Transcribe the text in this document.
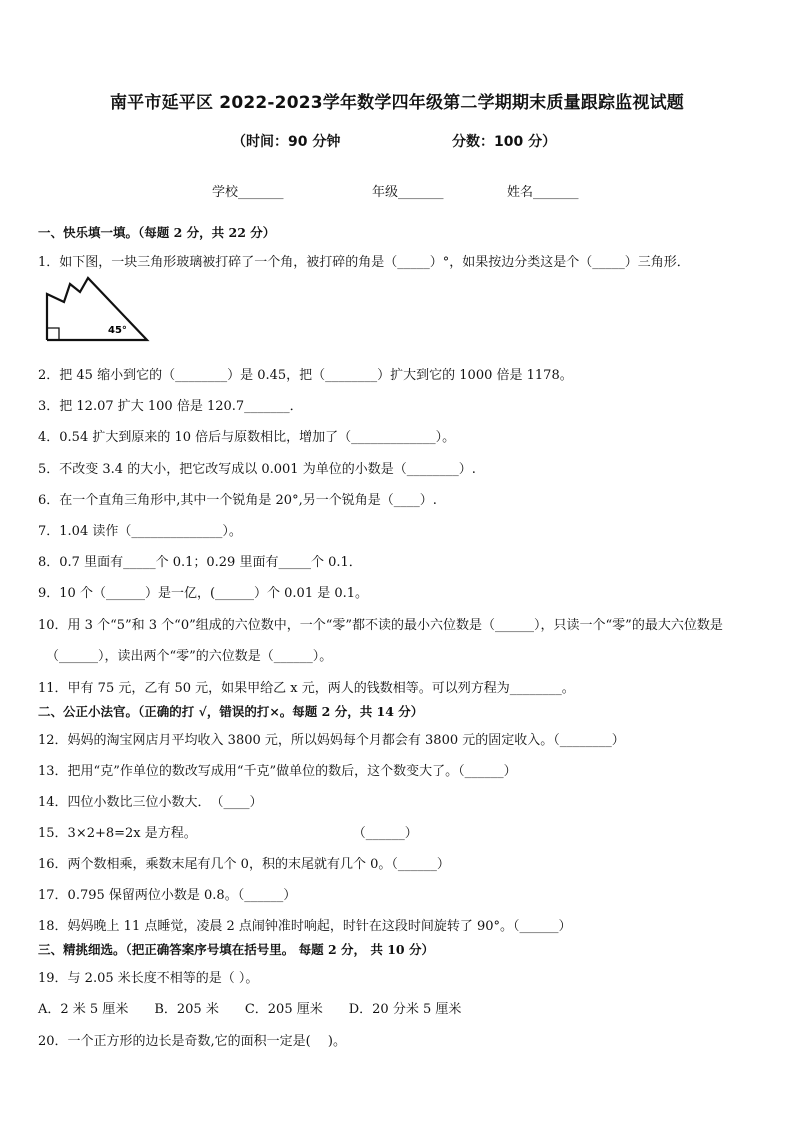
南平市延平区 2022-2023学年数学四年级第二学期期末质量跟踪监视试题
（时间：90 分钟	分数：100 分）
学校_______	年级_______	姓名_______
一、快乐填一填。（每题 2 分，共 22 分）
1．如下图，一块三角形玻璃被打碎了一个角，被打碎的角是（_____）°，如果按边分类这是个（_____）三角形．
2．把 45 缩小到它的（________）是 0.45，把（________）扩大到它的 1000 倍是 1178。
3．把 12.07 扩大 100 倍是 120.7_______．
4．0.54 扩大到原来的 10 倍后与原数相比，增加了（_____________）。
5．不改变 3.4 的大小，把它改写成以 0.001 为单位的小数是（________）.
6．在一个直角三角形中,其中一个锐角是 20°,另一个锐角是（____）.
7．1.04 读作（______________）。
8．0.7 里面有_____个 0.1；0.29 里面有_____个 0.1．
9．10 个（______）是一亿，(______）个 0.01 是 0.1。
10．用 3 个“5”和 3 个“0”组成的六位数中，一个“零”都不读的最小六位数是（______），只读一个“零”的最大六位数是
（______），读出两个“零”的六位数是（______）。
11．甲有 75 元，乙有 50 元，如果甲给乙 x 元，两人的钱数相等。可以列方程为________。
二、公正小法官。（正确的打 √，错误的打×。每题 2 分，共 14 分）
12．妈妈的淘宝网店月平均收入 3800 元，所以妈妈每个月都会有 3800 元的固定收入。（________）
13．把用“克”作单位的数改写成用“千克”做单位的数后，这个数变大了。（______）
14．四位小数比三位小数大．　（____）
15．3×2+8=2x 是方程。　　　　　　　　　　　　　（______）
16．两个数相乘，乘数末尾有几个 0，积的末尾就有几个 0。（______）
17．0.795 保留两位小数是 0.8。（______）
18．妈妈晚上 11 点睡觉，凌晨 2 点闹钟准时响起，时针在这段时间旋转了 90°。（______）
三、精挑细选。（把正确答案序号填在括号里。 每题 2 分， 共 10 分）
19．与 2.05 米长度不相等的是（ ）。
A．2 米 5 厘米　　B．205 米　　C．205 厘米　　D．20 分米 5 厘米
20．一个正方形的边长是奇数,它的面积一定是(　 )。
45°
